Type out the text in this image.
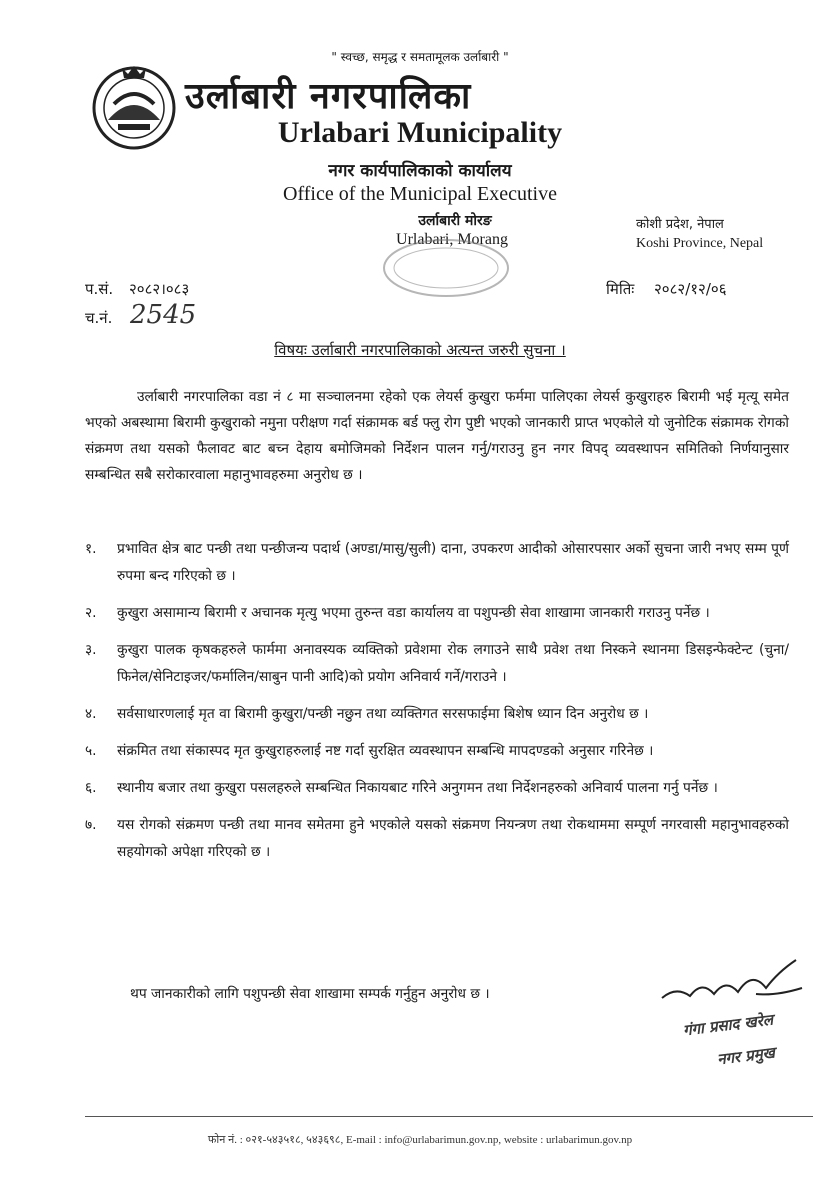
" स्वच्छ, समृद्ध र समतामूलक उर्लाबारी "
उर्लाबारी नगरपालिका
Urlabari Municipality
नगर कार्यपालिकाको कार्यालय
Office of the Municipal Executive
उर्लाबारी मोरङ
Urlabari, Morang
कोशी प्रदेश, नेपाल
Koshi Province, Nepal
प.सं. २०८२।०८३
च.नं. 2545
मितिः २०८२/१२/०६
विषयः उर्लाबारी नगरपालिकाको अत्यन्त जरुरी सुचना ।
उर्लाबारी नगरपालिका वडा नं ८ मा सञ्चालनमा रहेको एक लेयर्स कुखुरा फर्ममा पालिएका लेयर्स कुखुराहरु बिरामी भई मृत्यू समेत भएको अबस्थामा बिरामी कुखुराको नमुना परीक्षण गर्दा संक्रामक बर्ड फ्लु रोग पुष्टी भएको जानकारी प्राप्त भएकोले यो जुनोटिक संक्रामक रोगको संक्रमण तथा यसको फैलावट बाट बच्न देहाय बमोजिमको निर्देशन पालन गर्नु/गराउनु हुन नगर विपद् व्यवस्थापन समितिको निर्णयानुसार सम्बन्धित सबै सरोकारवाला महानुभावहरुमा अनुरोध छ ।
१. प्रभावित क्षेत्र बाट पन्छी तथा पन्छीजन्य पदार्थ (अण्डा/मासु/सुली) दाना, उपकरण आदीको ओसारपसार अर्को सुचना जारी नभए सम्म पूर्ण रुपमा बन्द गरिएको छ ।
२. कुखुरा असामान्य बिरामी र अचानक मृत्यु भएमा तुरुन्त वडा कार्यालय वा पशुपन्छी सेवा शाखामा जानकारी गराउनु पर्नेछ ।
३. कुखुरा पालक कृषकहरुले फार्ममा अनावस्यक व्यक्तिको प्रवेशमा रोक लगाउने साथै प्रवेश तथा निस्कने स्थानमा डिसइन्फेक्टेन्ट (चुना/फिनेल/सेनिटाइजर/फर्मालिन/साबुन पानी आदि)को प्रयोग अनिवार्य गर्ने/गराउने ।
४. सर्वसाधारणलाई मृत वा बिरामी कुखुरा/पन्छी नछुन तथा व्यक्तिगत सरसफाईमा बिशेष ध्यान दिन अनुरोध छ ।
५. संक्रमित तथा संकास्पद मृत कुखुराहरुलाई नष्ट गर्दा सुरक्षित व्यवस्थापन सम्बन्धि मापदण्डको अनुसार गरिनेछ ।
६. स्थानीय बजार तथा कुखुरा पसलहरुले सम्बन्धित निकायबाट गरिने अनुगमन तथा निर्देशनहरुको अनिवार्य पालना गर्नु पर्नेछ ।
७. यस रोगको संक्रमण पन्छी तथा मानव समेतमा हुने भएकोले यसको संक्रमण नियन्त्रण तथा रोकथाममा सम्पूर्ण नगरवासी महानुभावहरुको सहयोगको अपेक्षा गरिएको छ ।
थप जानकारीको लागि पशुपन्छी सेवा शाखामा सम्पर्क गर्नुहुन अनुरोध छ ।
गंगा प्रसाद खरेल
नगर प्रमुख
फोन नं. : ०२१-५४३५१८, ५४३६९८, E-mail : info@urlabarimun.gov.np, website : urlabarimun.gov.np
